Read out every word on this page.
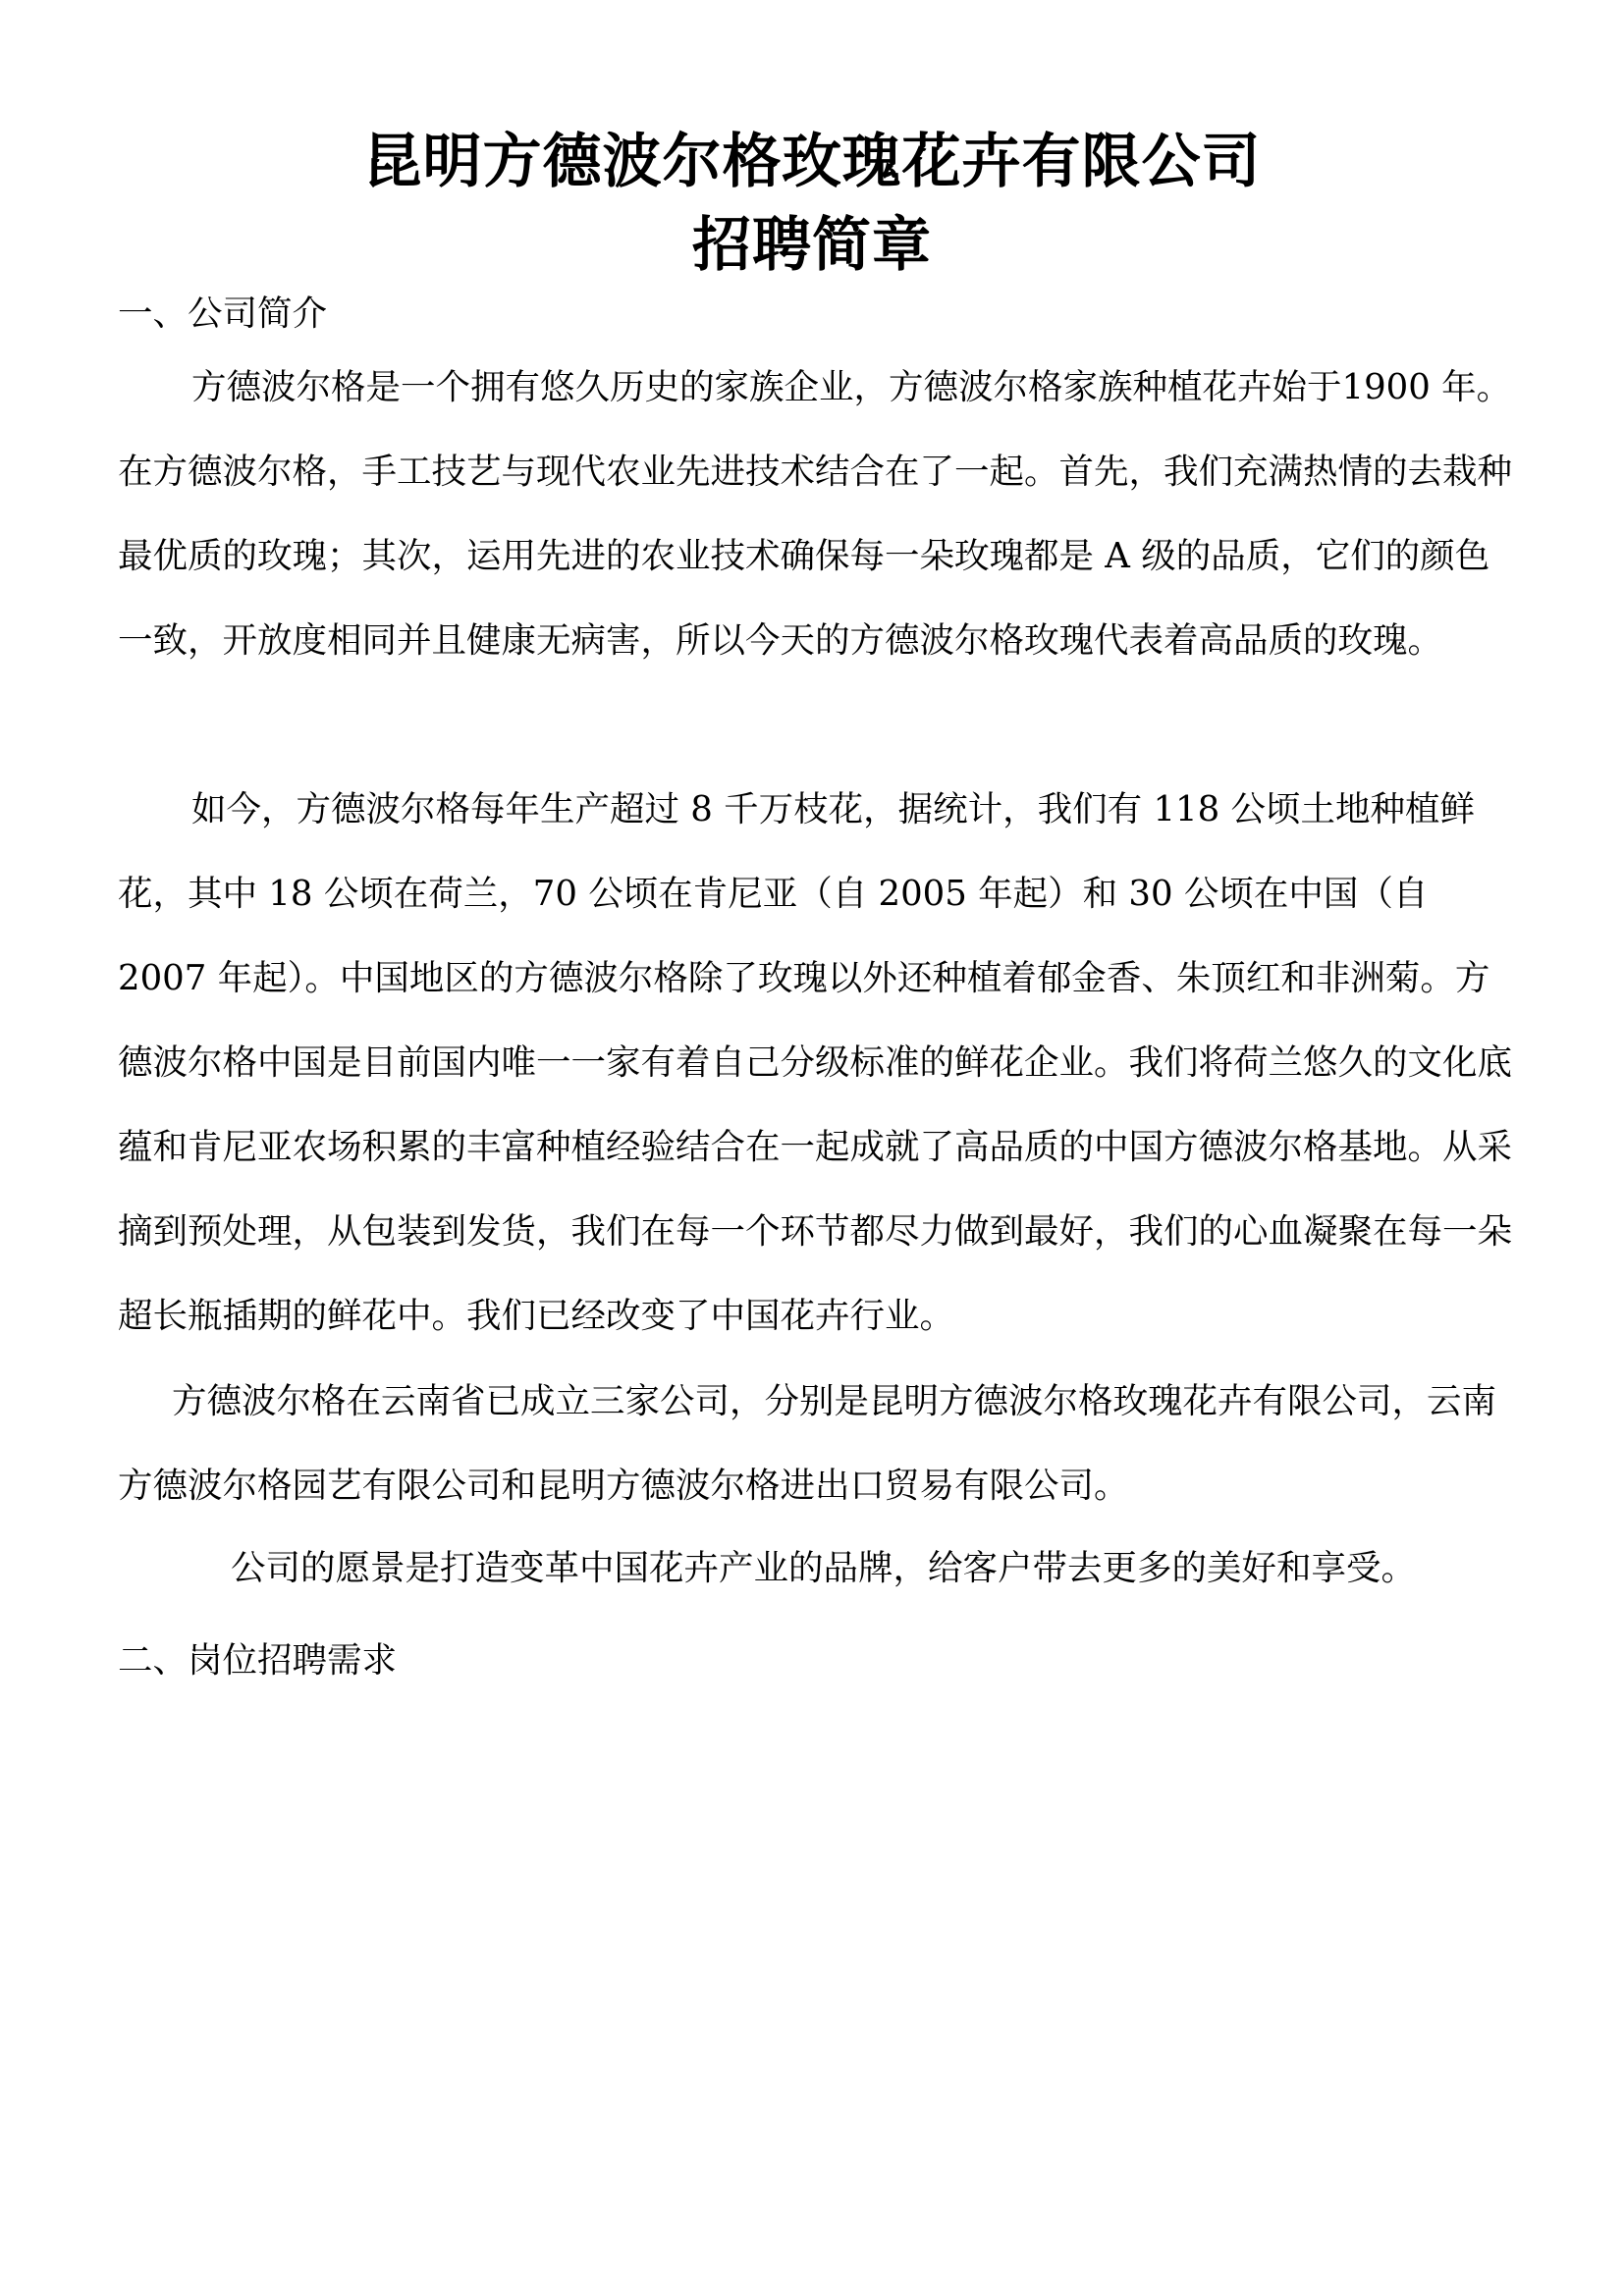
昆明方德波尔格玫瑰花卉有限公司
招聘简章

一、公司简介

方德波尔格是一个拥有悠久历史的家族企业，方德波尔格家族种植花卉始于1900 年。在方德波尔格，手工技艺与现代农业先进技术结合在了一起。首先，我们充满热情的去栽种最优质的玫瑰；其次，运用先进的农业技术确保每一朵玫瑰都是 A 级的品质，它们的颜色一致，开放度相同并且健康无病害，所以今天的方德波尔格玫瑰代表着高品质的玫瑰。

如今，方德波尔格每年生产超过 8 千万枝花，据统计，我们有 118 公顷土地种植鲜花，其中 18 公顷在荷兰，70 公顷在肯尼亚（自 2005 年起）和 30 公顷在中国（自 2007 年起）。中国地区的方德波尔格除了玫瑰以外还种植着郁金香、朱顶红和非洲菊。方德波尔格中国是目前国内唯一一家有着自己分级标准的鲜花企业。我们将荷兰悠久的文化底蕴和肯尼亚农场积累的丰富种植经验结合在一起成就了高品质的中国方德波尔格基地。从采摘到预处理，从包装到发货，我们在每一个环节都尽力做到最好，我们的心血凝聚在每一朵超长瓶插期的鲜花中。我们已经改变了中国花卉行业。

方德波尔格在云南省已成立三家公司，分别是昆明方德波尔格玫瑰花卉有限公司，云南方德波尔格园艺有限公司和昆明方德波尔格进出口贸易有限公司。

公司的愿景是打造变革中国花卉产业的品牌，给客户带去更多的美好和享受。

二、岗位招聘需求
